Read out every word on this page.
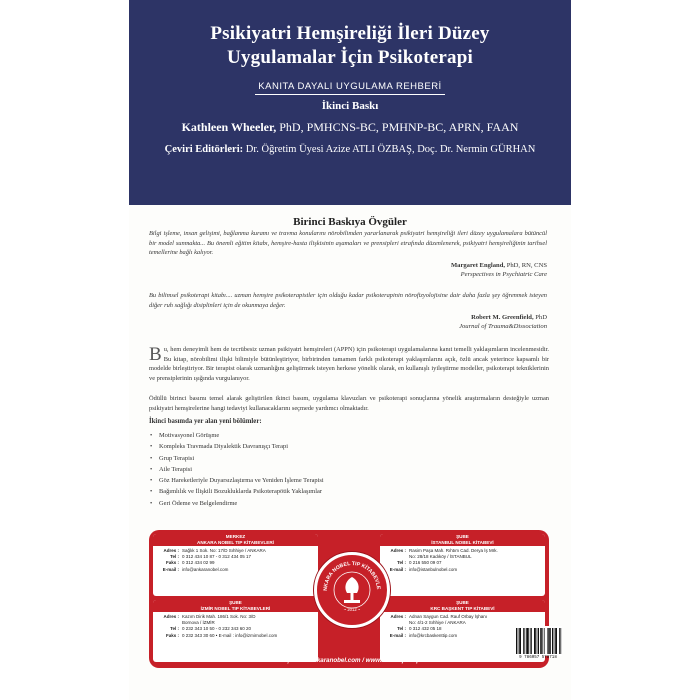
Psikiyatri Hemşireliği İleri Düzey
Uygulamalar İçin Psikoterapi
KANITA DAYALI UYGULAMA REHBERİ
İkinci Baskı
Kathleen Wheeler, PhD, PMHCNS-BC, PMHNP-BC, APRN, FAAN
Çeviri Editörleri: Dr. Öğretim Üyesi Azize ATLI ÖZBAŞ, Doç. Dr. Nermin GÜRHAN
Birinci Baskıya Övgüler
Bilgi işleme, insan gelişimi, bağlanma kuramı ve travma konularını nörobilimden yararlanarak psikiyatri hemşireliği ileri düzey uygulamalara bütüncül bir model sunmakta... Bu önemli eğitim kitabı, hemşire-hasta ilişkisinin aşamaları ve prensipleri etrafında düzenlenerek, psikiyatri hemşireliğinin tarihsel temellerine bağlı kalıyor.
Margaret England, PhD, RN, CNS
Perspectives in Psychiatric Care
Bu bilimsel psikoterapi kitabı.... uzman hemşire psikoterapistler için olduğu kadar psikoterapinin nörofizyolojisine dair daha fazla şey öğrenmek isteyen diğer ruh sağlığı disiplinleri için de okunmaya değer.
Robert M. Greenfield, PhD
Journal of Trauma&Dissociation
Bu, hem deneyimli hem de tecrübesiz uzman psikiyatri hemşireleri (APPN) için psikoterapi uygulamalarına kanıt temelli yaklaşımların incelenmesidir. Bu kitap, nörobilimi ilişki bilimiyle bütünleştiriyor, birbirinden tamamen farklı psikoterapi yaklaşımlarını açık, özlü ancak yeterince kapsamlı bir modelde birleştiriyor. Bir terapist olarak uzmanlığını geliştirmek isteyen herkese yönelik olarak, en kullanışlı iyileştirme modeller, psikoterapi tekniklerinin ve prensiplerinin ışığında vurgulanıyor.
Ödüllü birinci basımı temel alarak geliştirilen ikinci basım, uygulama klavuzları ve psikoterapi sonuçlarına yönelik araştırmaların desteğiyle uzman psikiyatri hemşirelerine hangi tedaviyi kullanacaklarını seçmede yardımcı olmaktadır.
İkinci basımda yer alan yeni bölümler:
• Motivasyonel Görüşme
• Kompleks Travmada Diyalektik Davranışçı Terapi
• Grup Terapisi
• Aile Terapisi
• Göz Hareketleriyle Duyarsızlaştırma ve Yeniden İşleme Terapisi
• Bağımlılık ve İlişkili Bozukluklarda Psikoterapötik Yaklaşımlar
• Geri Ödeme ve Belgelendirme
MERKEZ
ANKARA NOBEL TIP KİTABEVLERİ
Adres : Sağlık 1 Sok. No: 17/D Sıhhiye / ANKARA
Tel : 0 312 434 10 87 - 0 312 434 05 17
Faks : 0 312 434 02 99
E-mail : info@ankaranobel.com
ŞUBE
İSTANBUL NOBEL KİTABEVİ
Adres : Rasim Paşa Mah. Rıhtım Cad. Derya İş Mrk.
No: 28/18 Kadıköy / İSTANBUL
Tel : 0 216 550 09 07
E-mail : info@istanbulnobel.com
ŞUBE
İZMİR NOBEL TIP KİTABEVLERİ
Adres : Kazım Dirik Mah. 186/1 Sok. No: 3/D
Bornova / İZMİR
Tel : 0 232 343 10 50 - 0 232 343 60 20
Faks : 0 232 343 30 60 • E-mail : info@izmirnobel.com
ŞUBE
KRC BAŞKENT TIP KİTABEVİ
Adres : Adnan Saygun Cad. Rauf Orbay İşhanı
No: 4/1-2 Sıhhiye / ANKARA
Tel : 0 312 432 05 18
E-mail : info@krcbaskenttip.com
NKARA NOBEL TIP KİTABEVLE
~ 2012 ~
Online Satış: www.ankaranobel.com / www.nobeltipkitaplari.com	9 786057 578718
